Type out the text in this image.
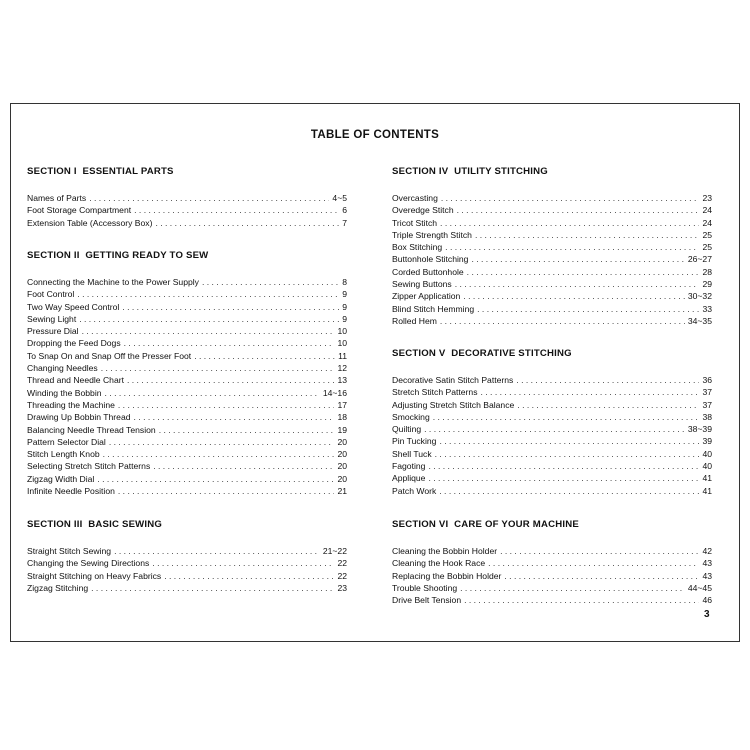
TABLE OF CONTENTS
SECTION I ESSENTIAL PARTS
Names of Parts . . .	4~5
Foot Storage Compartment . . .	6
Extension Table (Accessory Box) . . .	7
SECTION II GETTING READY TO SEW
Connecting the Machine to the Power Supply . . .	8
Foot Control . . .	9
Two Way Speed Control . . .	9
Sewing Light . . .	9
Pressure Dial . . .	10
Dropping the Feed Dogs . . .	10
To Snap On and Snap Off the Presser Foot . . .	11
Changing Needles . . .	12
Thread and Needle Chart . . .	13
Winding the Bobbin . . .	14~16
Threading the Machine . . .	17
Drawing Up Bobbin Thread . . .	18
Balancing Needle Thread Tension . . .	19
Pattern Selector Dial . . .	20
Stitch Length Knob . . .	20
Selecting Stretch Stitch Patterns . . .	20
Zigzag Width Dial . . .	20
Infinite Needle Position . . .	21
SECTION III BASIC SEWING
Straight Stitch Sewing . . .	21~22
Changing the Sewing Directions . . .	22
Straight Stitching on Heavy Fabrics . . .	22
Zigzag Stitching . . .	23
SECTION IV UTILITY STITCHING
Overcasting . . .	23
Overedge Stitch . . .	24
Tricot Stitch . . .	24
Triple Strength Stitch . . .	25
Box Stitching . . .	25
Buttonhole Stitching . . .	26~27
Corded Buttonhole . . .	28
Sewing Buttons . . .	29
Zipper Application . . .	30~32
Blind Stitch Hemming . . .	33
Rolled Hem . . .	34~35
SECTION V DECORATIVE STITCHING
Decorative Satin Stitch Patterns . . .	36
Stretch Stitch Patterns . . .	37
Adjusting Stretch Stitch Balance . . .	37
Smocking . . .	38
Quilting . . .	38~39
Pin Tucking . . .	39
Shell Tuck . . .	40
Fagoting . . .	40
Applique . . .	41
Patch Work . . .	41
SECTION VI CARE OF YOUR MACHINE
Cleaning the Bobbin Holder . . .	42
Cleaning the Hook Race . . .	43
Replacing the Bobbin Holder . . .	43
Trouble Shooting . . .	44~45
Drive Belt Tension . . .	46
3
